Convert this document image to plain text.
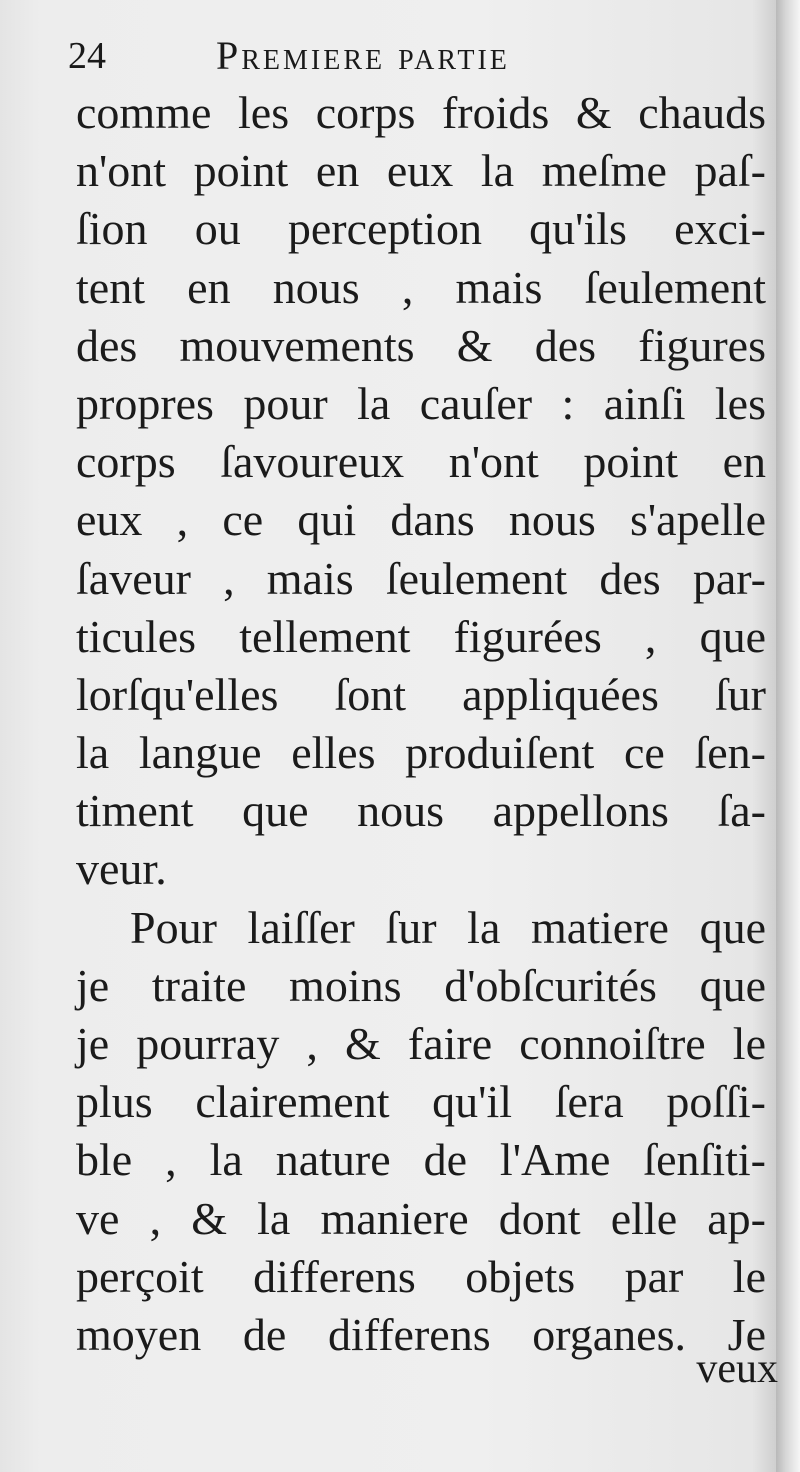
24	Premiere partie
comme les corps froids & chauds
n'ont point en eux la meſme paſ-
ſion ou perception qu'ils exci-
tent en nous , mais ſeulement
des mouvements & des figures
propres pour la cauſer : ainſi les
corps ſavoureux n'ont point en
eux , ce qui dans nous s'apelle
ſaveur , mais ſeulement des par-
ticules tellement figurées , que
lorſqu'elles ſont appliquées ſur
la langue elles produiſent ce ſen-
timent que nous appellons ſa-
veur.
Pour laiſſer ſur la matiere que
je traite moins d'obſcurités que
je pourray , & faire connoiſtre le
plus clairement qu'il ſera poſſi-
ble , la nature de l'Ame ſenſiti-
ve , & la maniere dont elle ap-
perçoit differens objets par le
moyen de differens organes. Je
veux
